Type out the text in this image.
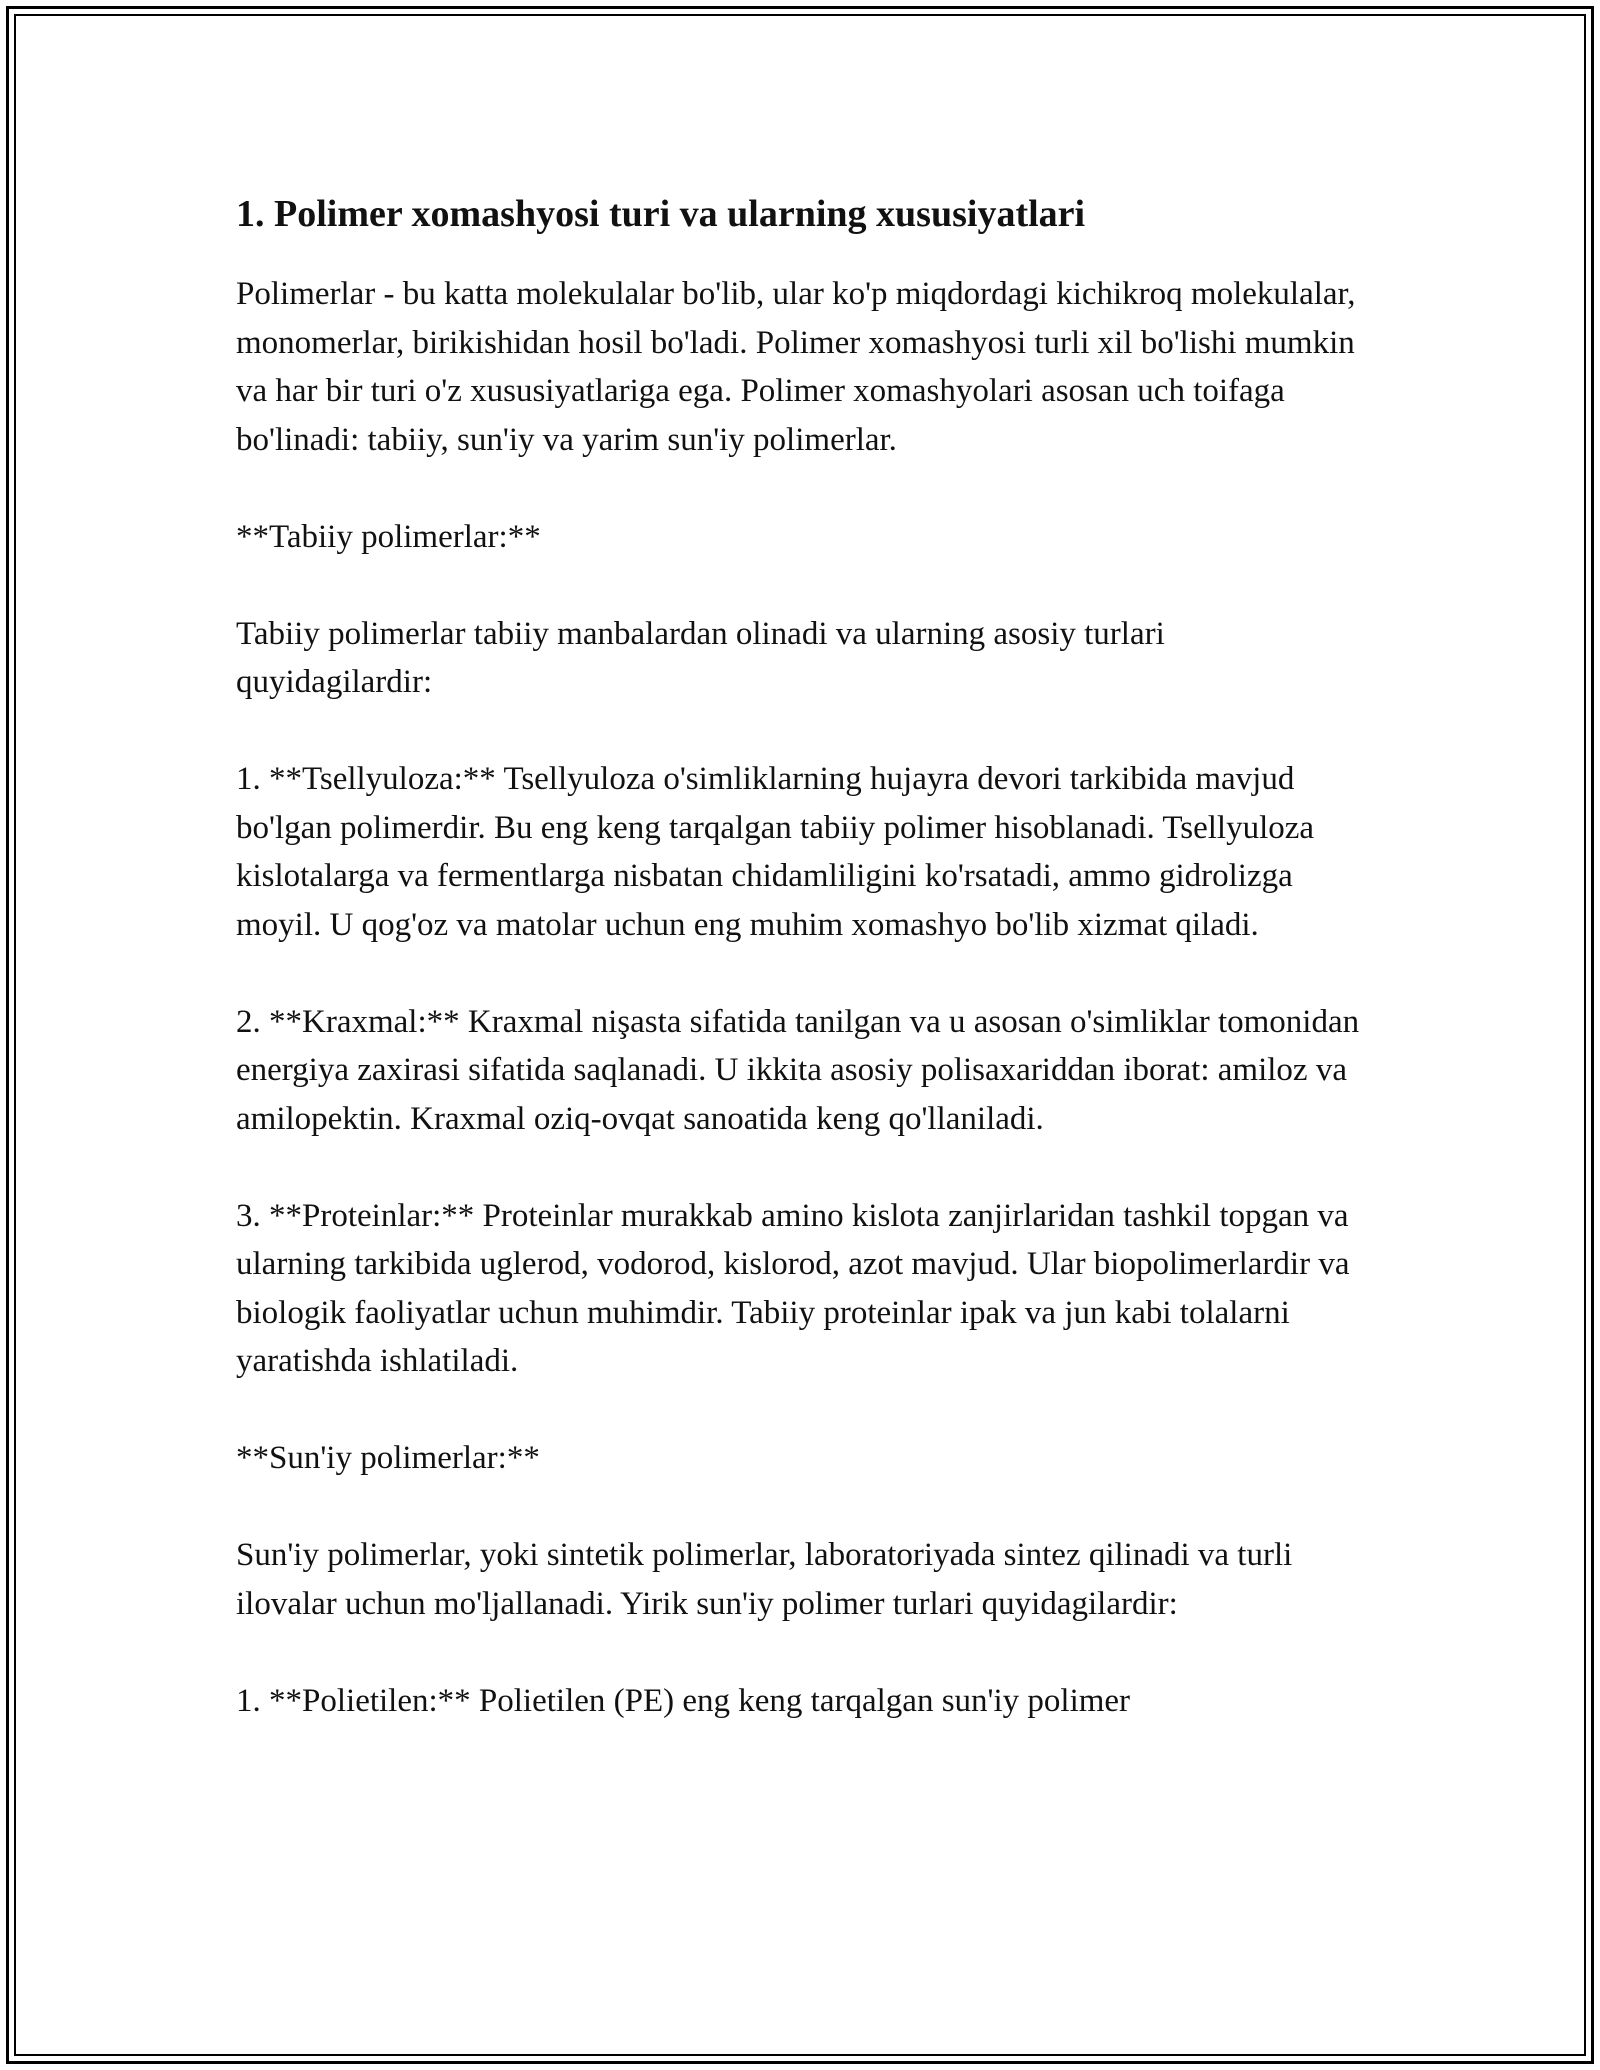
1. Polimer xomashyosi turi va ularning xususiyatlari

Polimerlar - bu katta molekulalar bo'lib, ular ko'p miqdordagi kichikroq molekulalar, monomerlar, birikishidan hosil bo'ladi. Polimer xomashyosi turli xil bo'lishi mumkin va har bir turi o'z xususiyatlariga ega. Polimer xomashyolari asosan uch toifaga bo'linadi: tabiiy, sun'iy va yarim sun'iy polimerlar.

**Tabiiy polimerlar:**

Tabiiy polimerlar tabiiy manbalardan olinadi va ularning asosiy turlari quyidagilardir:

1. **Tsellyuloza:** Tsellyuloza o'simliklarning hujayra devori tarkibida mavjud bo'lgan polimerdir. Bu eng keng tarqalgan tabiiy polimer hisoblanadi. Tsellyuloza kislotalarga va fermentlarga nisbatan chidamliligini ko'rsatadi, ammo gidrolizga moyil. U qog'oz va matolar uchun eng muhim xomashyo bo'lib xizmat qiladi.

2. **Kraxmal:** Kraxmal nişasta sifatida tanilgan va u asosan o'simliklar tomonidan energiya zaxirasi sifatida saqlanadi. U ikkita asosiy polisaxariddan iborat: amiloz va amilopektin. Kraxmal oziq-ovqat sanoatida keng qo'llaniladi.

3. **Proteinlar:** Proteinlar murakkab amino kislota zanjirlaridan tashkil topgan va ularning tarkibida uglerod, vodorod, kislorod, azot mavjud. Ular biopolimerlardir va biologik faoliyatlar uchun muhimdir. Tabiiy proteinlar ipak va jun kabi tolalarni yaratishda ishlatiladi.

**Sun'iy polimerlar:**

Sun'iy polimerlar, yoki sintetik polimerlar, laboratoriyada sintez qilinadi va turli ilovalar uchun mo'ljallanadi. Yirik sun'iy polimer turlari quyidagilardir:

1. **Polietilen:** Polietilen (PE) eng keng tarqalgan sun'iy polimer
